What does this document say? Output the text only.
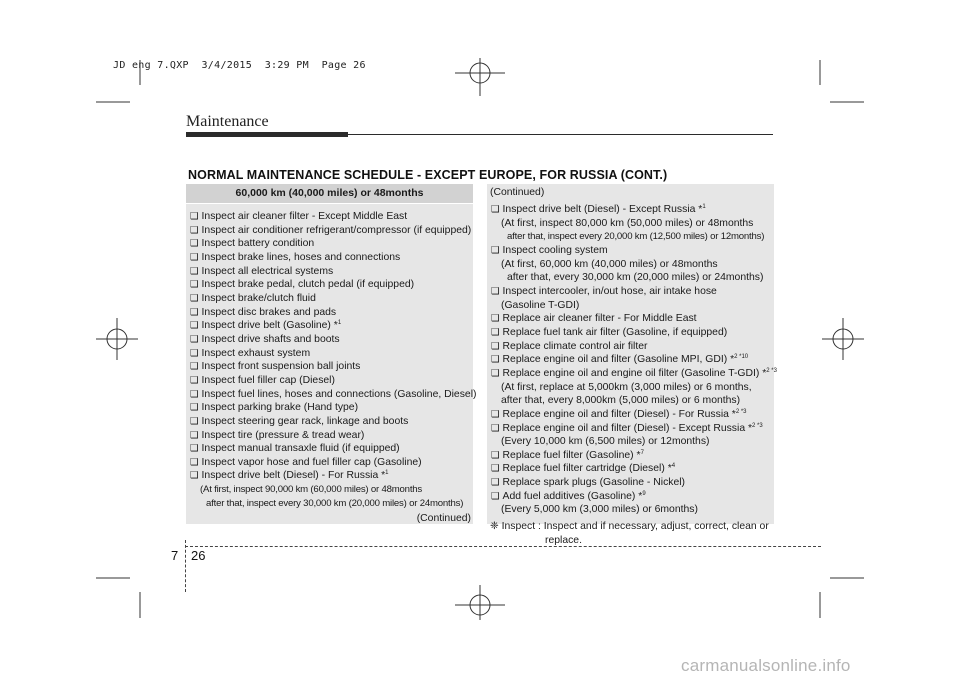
JD eng 7.QXP  3/4/2015  3:29 PM  Page 26
Maintenance
NORMAL MAINTENANCE SCHEDULE - EXCEPT EUROPE, FOR RUSSIA (CONT.)
60,000 km (40,000 miles) or 48months
❑ Inspect air cleaner filter - Except Middle East
❑ Inspect air conditioner refrigerant/compressor (if equipped)
❑ Inspect battery condition
❑ Inspect brake lines, hoses and connections
❑ Inspect all electrical systems
❑ Inspect brake pedal, clutch pedal (if equipped)
❑ Inspect brake/clutch fluid
❑ Inspect disc brakes and pads
❑ Inspect drive belt (Gasoline) *$^1$
❑ Inspect drive shafts and boots
❑ Inspect exhaust system
❑ Inspect front suspension ball joints
❑ Inspect fuel filler cap (Diesel)
❑ Inspect fuel lines, hoses and connections (Gasoline, Diesel)
❑ Inspect parking brake (Hand type)
❑ Inspect steering gear rack, linkage and boots
❑ Inspect tire (pressure & tread wear)
❑ Inspect manual transaxle fluid (if equipped)
❑ Inspect vapor hose and fuel filler cap (Gasoline)
❑ Inspect drive belt (Diesel) - For Russia *$^1$
(At first, inspect 90,000 km (60,000 miles) or 48months
after that, inspect every 30,000 km (20,000 miles) or 24months)
(Continued)
(Continued)
❑ Inspect drive belt (Diesel) - Except Russia *$^1$
(At first, inspect 80,000 km (50,000 miles) or 48months
after that, inspect every 20,000 km (12,500 miles) or 12months)
❑ Inspect cooling system
(At first, 60,000 km (40,000 miles) or 48months
after that, every 30,000 km (20,000 miles) or 24months)
❑ Inspect intercooler, in/out hose, air intake hose
(Gasoline T-GDI)
❑ Replace air cleaner filter - For Middle East
❑ Replace fuel tank air filter (Gasoline, if equipped)
❑ Replace climate control air filter
❑ Replace engine oil and filter (Gasoline MPI, GDI) *$^{2 *10}$
❑ Replace engine oil and engine oil filter (Gasoline T-GDI) *$^{2 *3}$
(At first, replace at 5,000km (3,000 miles) or 6 months,
after that, every 8,000km (5,000 miles) or 6 months)
❑ Replace engine oil and filter (Diesel) - For Russia *$^{2 *3}$
❑ Replace engine oil and filter (Diesel) - Except Russia *$^{2 *3}$
(Every 10,000 km (6,500 miles) or 12months)
❑ Replace fuel filter (Gasoline) *$^7$
❑ Replace fuel filter cartridge (Diesel) *$^4$
❑ Replace spark plugs (Gasoline - Nickel)
❑ Add fuel additives (Gasoline) *$^9$
(Every 5,000 km (3,000 miles) or 6months)
❈ Inspect : Inspect and if necessary, adjust, correct, clean or
replace.
7 26
carmanualsonline.info
